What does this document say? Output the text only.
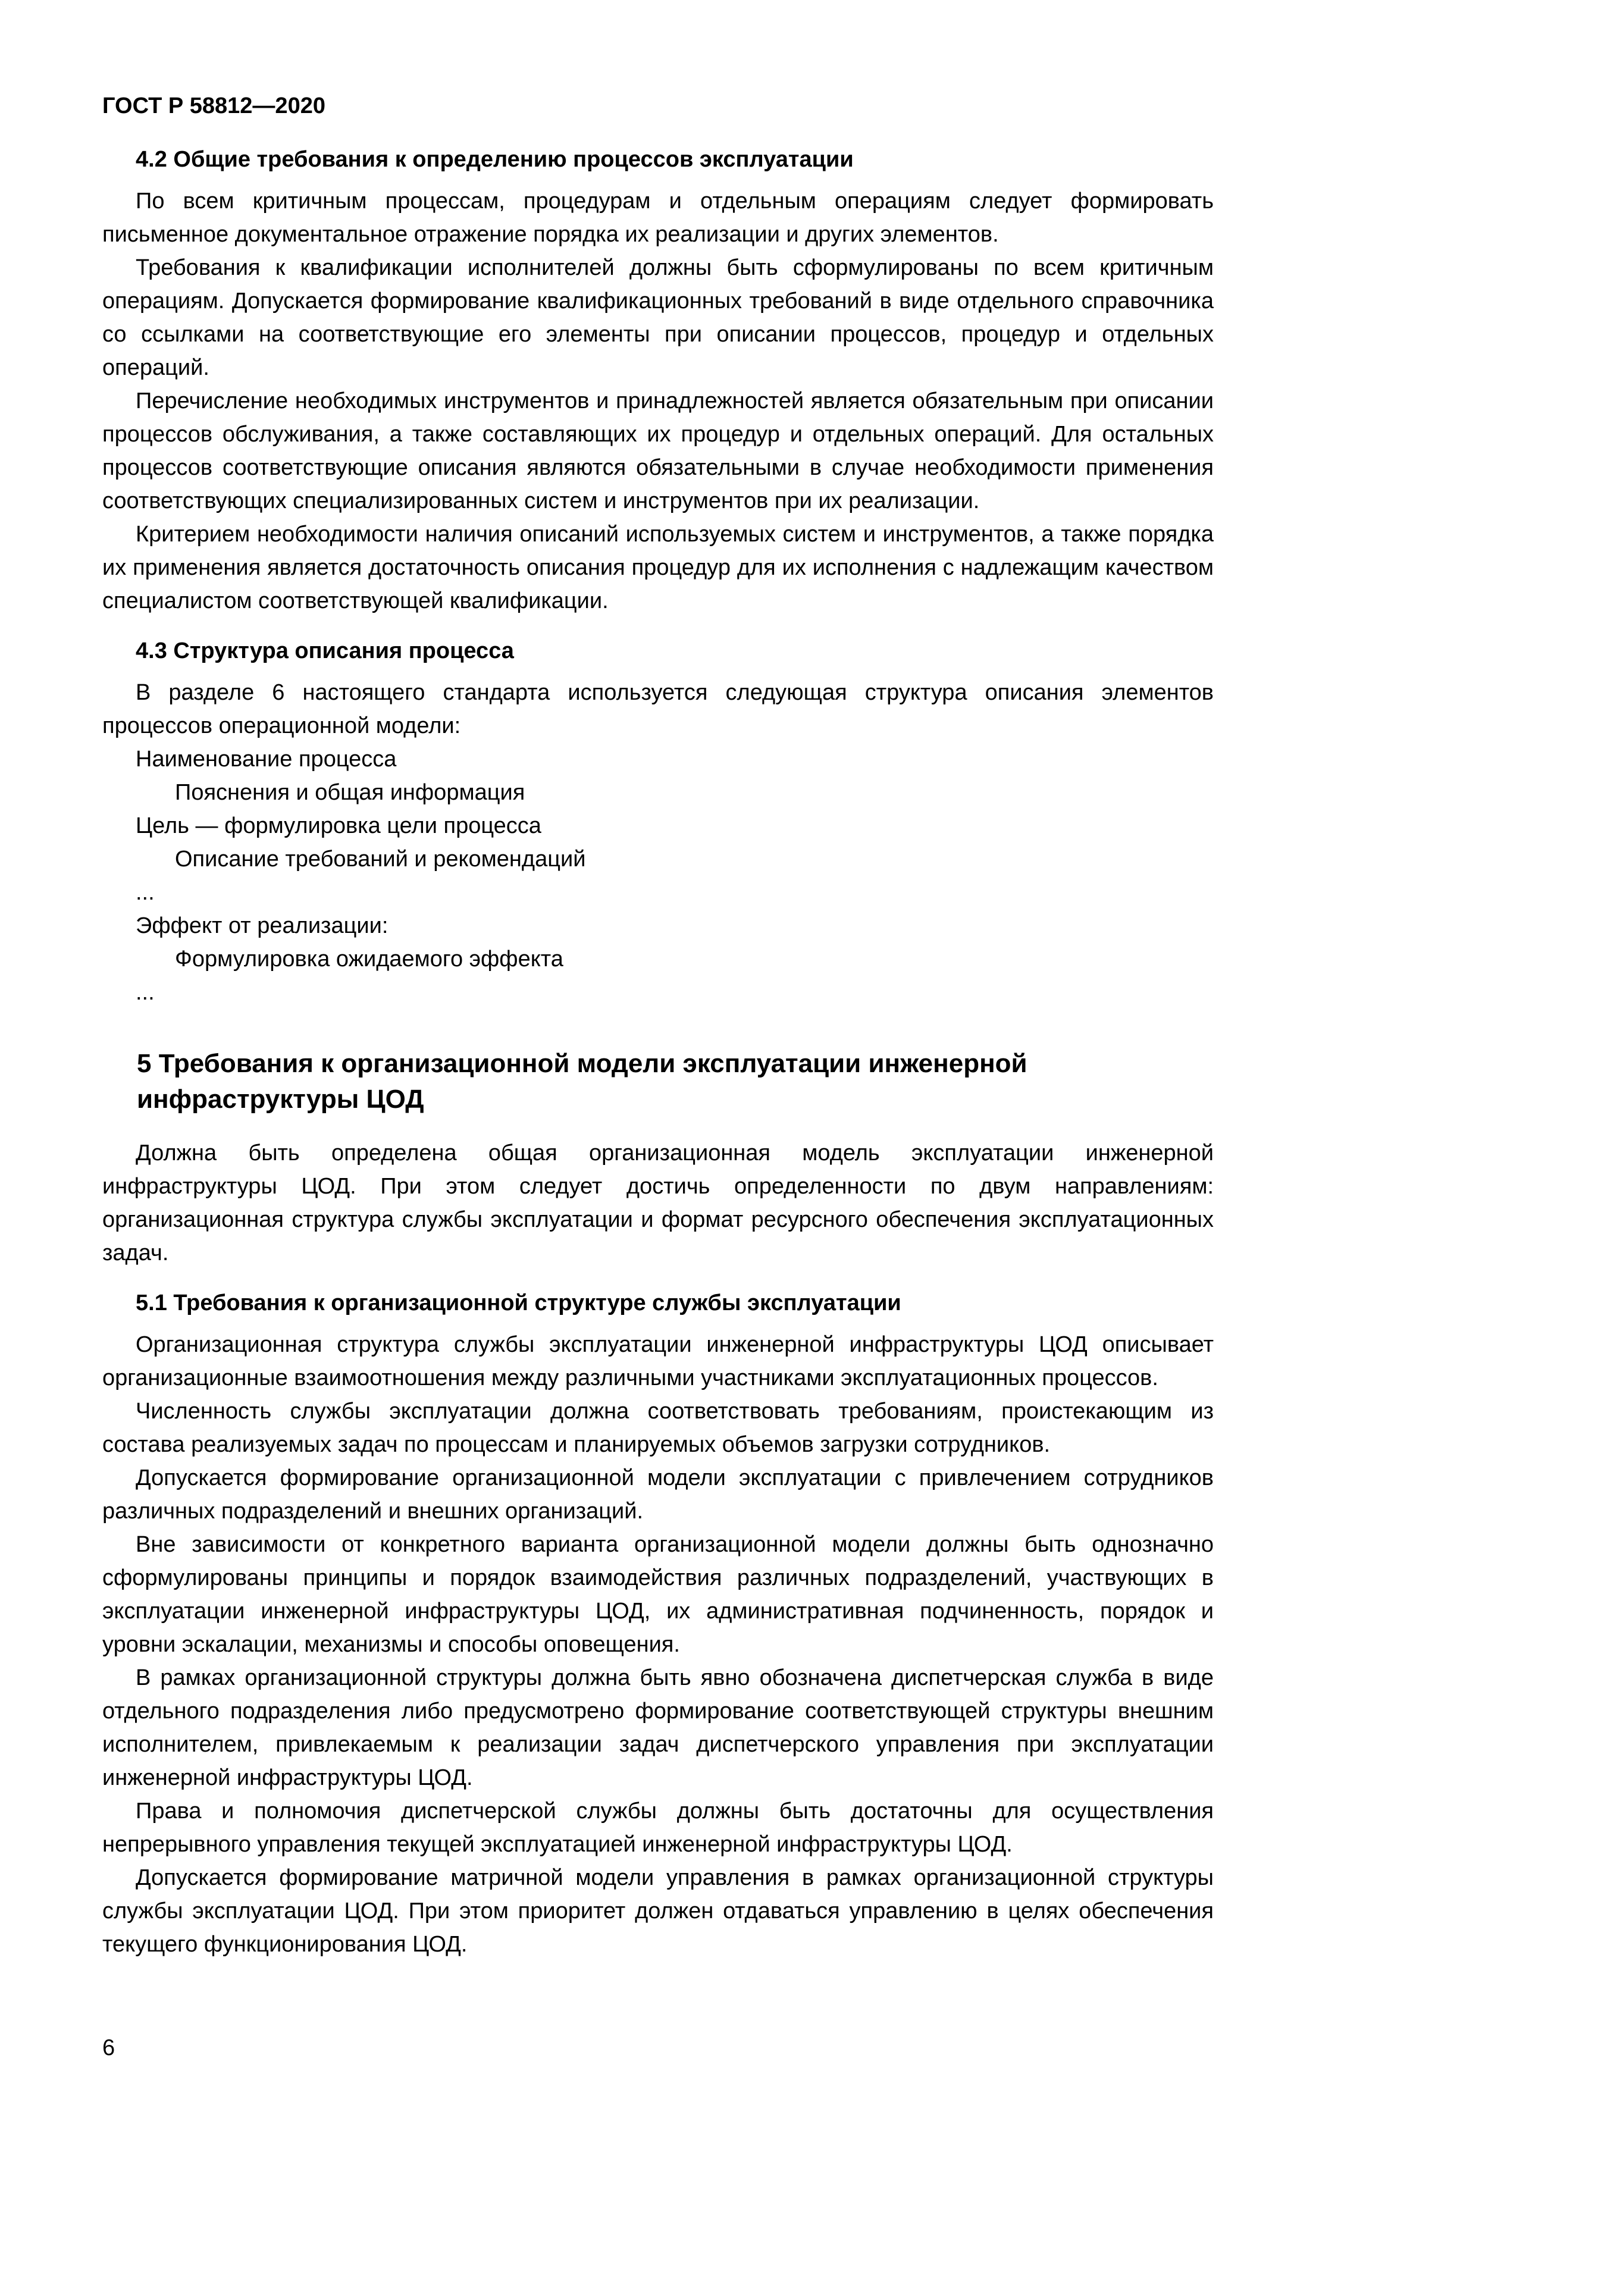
ГОСТ Р 58812—2020
4.2 Общие требования к определению процессов эксплуатации

По всем критичным процессам, процедурам и отдельным операциям следует формировать письменное документальное отражение порядка их реализации и других элементов.

Требования к квалификации исполнителей должны быть сформулированы по всем критичным операциям. Допускается формирование квалификационных требований в виде отдельного справочника со ссылками на соответствующие его элементы при описании процессов, процедур и отдельных операций.

Перечисление необходимых инструментов и принадлежностей является обязательным при описании процессов обслуживания, а также составляющих их процедур и отдельных операций. Для остальных процессов соответствующие описания являются обязательными в случае необходимости применения соответствующих специализированных систем и инструментов при их реализации.

Критерием необходимости наличия описаний используемых систем и инструментов, а также порядка их применения является достаточность описания процедур для их исполнения с надлежащим качеством специалистом соответствующей квалификации.

4.3 Структура описания процесса

В разделе 6 настоящего стандарта используется следующая структура описания элементов процессов операционной модели:

Наименование процесса
Пояснения и общая информация
Цель — формулировка цели процесса
Описание требований и рекомендаций
...
Эффект от реализации:
Формулировка ожидаемого эффекта
...
5 Требования к организационной модели эксплуатации инженерной инфраструктуры ЦОД

Должна быть определена общая организационная модель эксплуатации инженерной инфраструктуры ЦОД. При этом следует достичь определенности по двум направлениям: организационная структура службы эксплуатации и формат ресурсного обеспечения эксплуатационных задач.

5.1 Требования к организационной структуре службы эксплуатации

Организационная структура службы эксплуатации инженерной инфраструктуры ЦОД описывает организационные взаимоотношения между различными участниками эксплуатационных процессов.

Численность службы эксплуатации должна соответствовать требованиям, проистекающим из состава реализуемых задач по процессам и планируемых объемов загрузки сотрудников.

Допускается формирование организационной модели эксплуатации с привлечением сотрудников различных подразделений и внешних организаций.

Вне зависимости от конкретного варианта организационной модели должны быть однозначно сформулированы принципы и порядок взаимодействия различных подразделений, участвующих в эксплуатации инженерной инфраструктуры ЦОД, их административная подчиненность, порядок и уровни эскалации, механизмы и способы оповещения.

В рамках организационной структуры должна быть явно обозначена диспетчерская служба в виде отдельного подразделения либо предусмотрено формирование соответствующей структуры внешним исполнителем, привлекаемым к реализации задач диспетчерского управления при эксплуатации инженерной инфраструктуры ЦОД.

Права и полномочия диспетчерской службы должны быть достаточны для осуществления непрерывного управления текущей эксплуатацией инженерной инфраструктуры ЦОД.

Допускается формирование матричной модели управления в рамках организационной структуры службы эксплуатации ЦОД. При этом приоритет должен отдаваться управлению в целях обеспечения текущего функционирования ЦОД.

6
